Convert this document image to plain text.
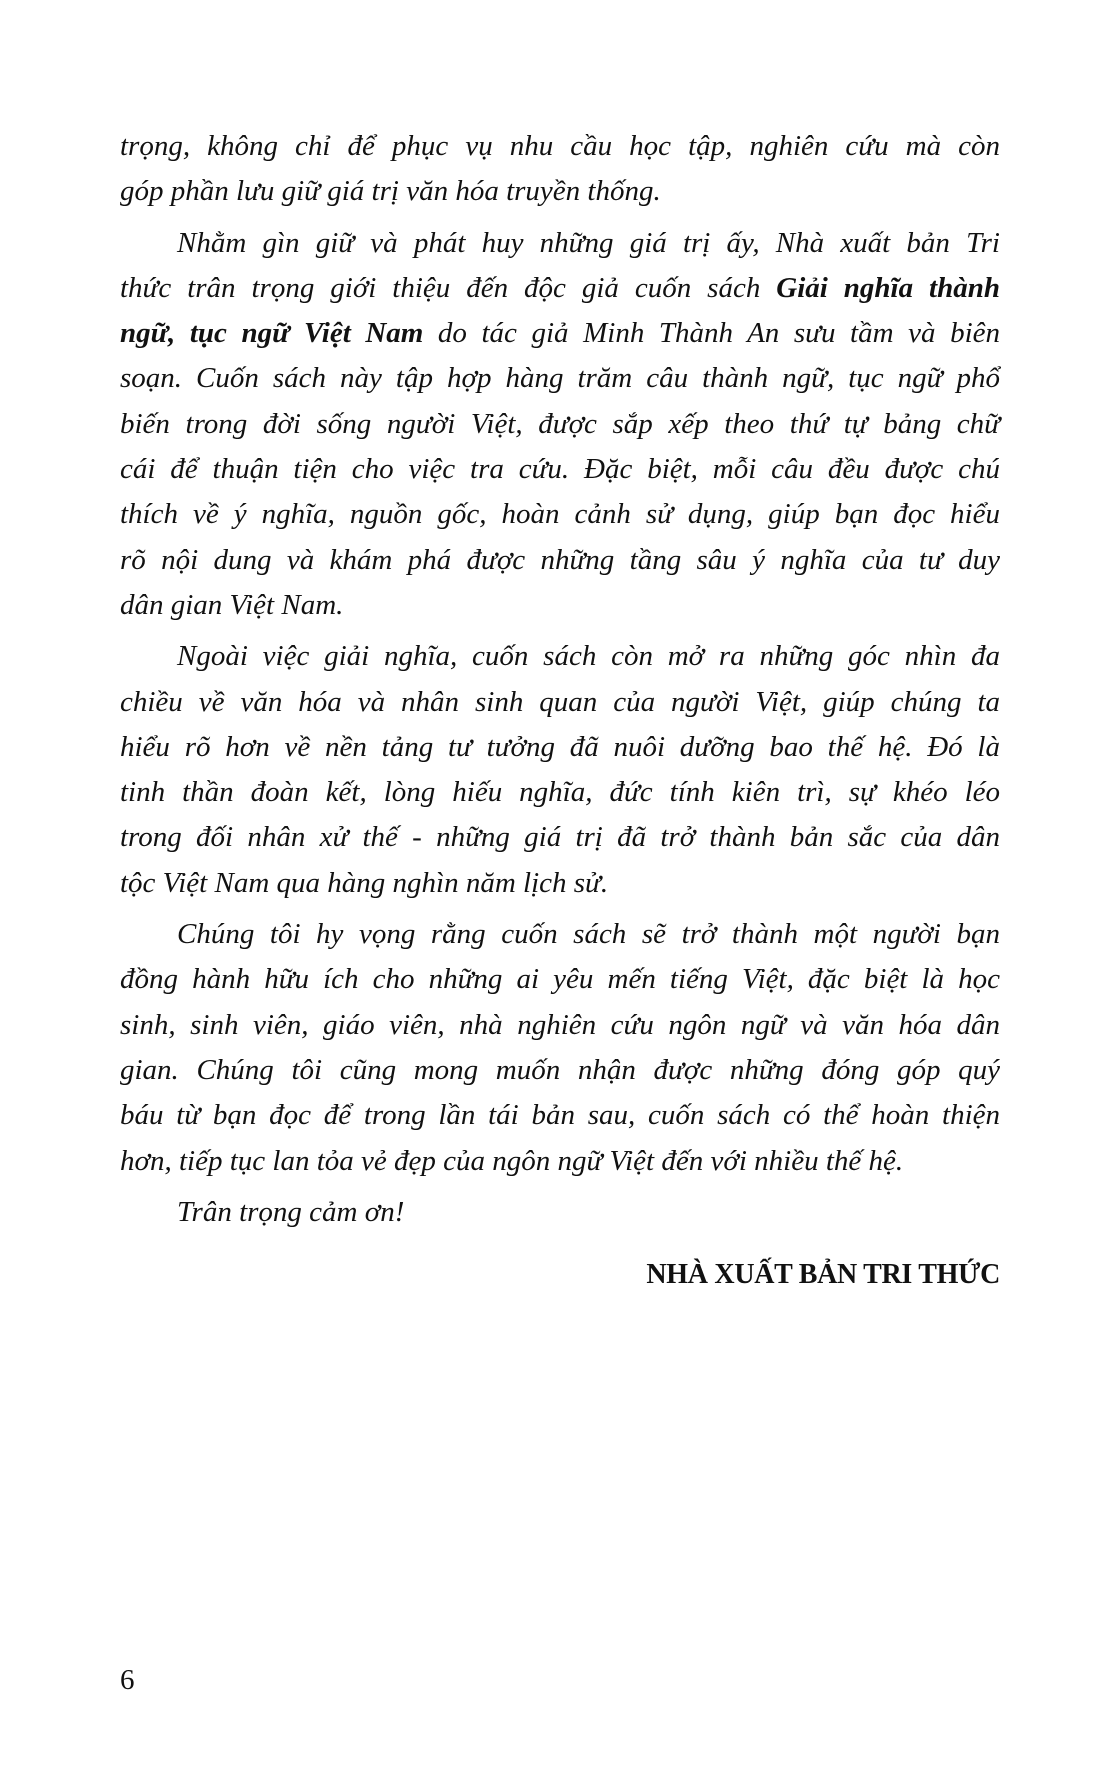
trọng, không chỉ để phục vụ nhu cầu học tập, nghiên cứu mà còn
góp phần lưu giữ giá trị văn hóa truyền thống.
Nhằm gìn giữ và phát huy những giá trị ấy, Nhà xuất bản Tri
thức trân trọng giới thiệu đến độc giả cuốn sách Giải nghĩa thành
ngữ, tục ngữ Việt Nam do tác giả Minh Thành An sưu tầm và biên
soạn. Cuốn sách này tập hợp hàng trăm câu thành ngữ, tục ngữ phổ
biến trong đời sống người Việt, được sắp xếp theo thứ tự bảng chữ
cái để thuận tiện cho việc tra cứu. Đặc biệt, mỗi câu đều được chú
thích về ý nghĩa, nguồn gốc, hoàn cảnh sử dụng, giúp bạn đọc hiểu
rõ nội dung và khám phá được những tầng sâu ý nghĩa của tư duy
dân gian Việt Nam.
Ngoài việc giải nghĩa, cuốn sách còn mở ra những góc nhìn đa
chiều về văn hóa và nhân sinh quan của người Việt, giúp chúng ta
hiểu rõ hơn về nền tảng tư tưởng đã nuôi dưỡng bao thế hệ. Đó là
tinh thần đoàn kết, lòng hiếu nghĩa, đức tính kiên trì, sự khéo léo
trong đối nhân xử thế - những giá trị đã trở thành bản sắc của dân
tộc Việt Nam qua hàng nghìn năm lịch sử.
Chúng tôi hy vọng rằng cuốn sách sẽ trở thành một người bạn
đồng hành hữu ích cho những ai yêu mến tiếng Việt, đặc biệt là học
sinh, sinh viên, giáo viên, nhà nghiên cứu ngôn ngữ và văn hóa dân
gian. Chúng tôi cũng mong muốn nhận được những đóng góp quý
báu từ bạn đọc để trong lần tái bản sau, cuốn sách có thể hoàn thiện
hơn, tiếp tục lan tỏa vẻ đẹp của ngôn ngữ Việt đến với nhiều thế hệ.
Trân trọng cảm ơn!
NHÀ XUẤT BẢN TRI THỨC
6
